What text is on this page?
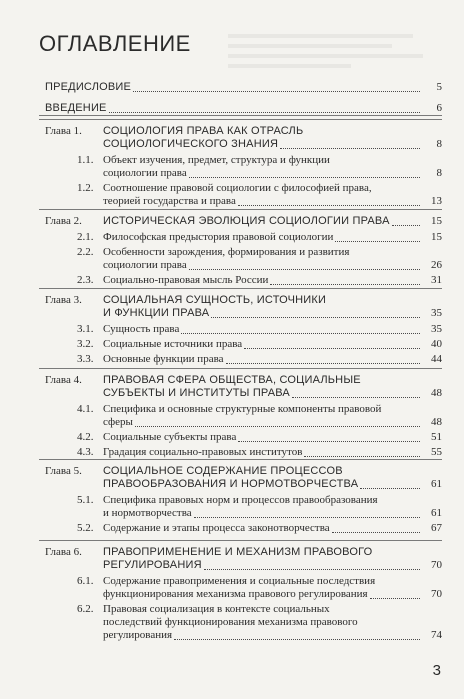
ОГЛАВЛЕНИЕ
ПРЕДИСЛОВИЕ	5
ВВЕДЕНИЕ	6
Глава 1. СОЦИОЛОГИЯ ПРАВА КАК ОТРАСЛЬ
СОЦИОЛОГИЧЕСКОГО ЗНАНИЯ	8
1.1. Объект изучения, предмет, структура и функции
социологии права	8
1.2. Соотношение правовой социологии с философией права,
теорией государства и права	13
Глава 2. ИСТОРИЧЕСКАЯ ЭВОЛЮЦИЯ СОЦИОЛОГИИ ПРАВА	15
2.1. Философская предыстория правовой социологии	15
2.2. Особенности зарождения, формирования и развития
социологии права	26
2.3. Социально-правовая мысль России	31
Глава 3. СОЦИАЛЬНАЯ СУЩНОСТЬ, ИСТОЧНИКИ
И ФУНКЦИИ ПРАВА	35
3.1. Сущность права	35
3.2. Социальные источники права	40
3.3. Основные функции права	44
Глава 4. ПРАВОВАЯ СФЕРА ОБЩЕСТВА, СОЦИАЛЬНЫЕ
СУБЪЕКТЫ И ИНСТИТУТЫ ПРАВА	48
4.1. Специфика и основные структурные компоненты правовой
сферы	48
4.2. Социальные субъекты права	51
4.3. Градация социально-правовых институтов	55
Глава 5. СОЦИАЛЬНОЕ СОДЕРЖАНИЕ ПРОЦЕССОВ
ПРАВООБРАЗОВАНИЯ И НОРМОТВОРЧЕСТВА	61
5.1. Специфика правовых норм и процессов правообразования
и нормотворчества	61
5.2. Содержание и этапы процесса законотворчества	67
Глава 6. ПРАВОПРИМЕНЕНИЕ И МЕХАНИЗМ ПРАВОВОГО
РЕГУЛИРОВАНИЯ	70
6.1. Содержание правоприменения и социальные последствия
функционирования механизма правового регулирования	70
6.2. Правовая социализация в контексте социальных
последствий функционирования механизма правового
регулирования	74
3
